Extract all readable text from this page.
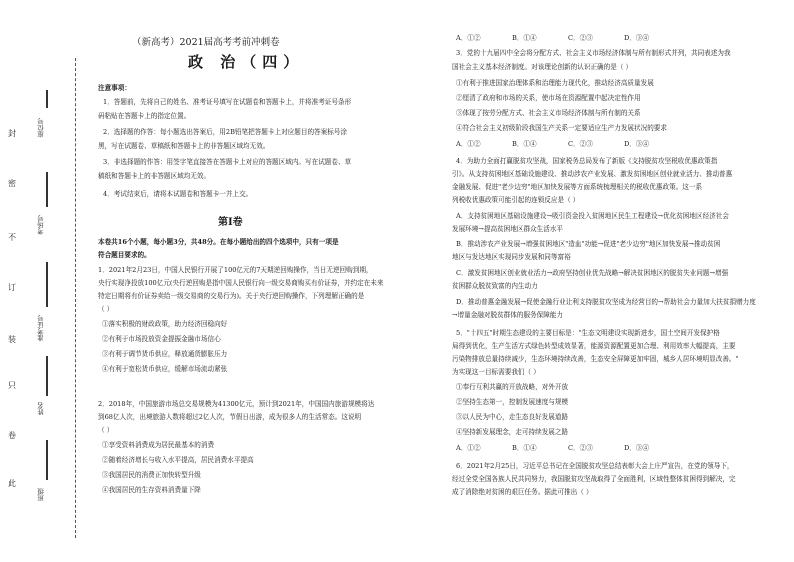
封
密
不
订
装
只
卷
此
座位号
考场号
准考证号
姓名
班级
（新高考）2021届高考考前冲刺卷
政 治（四）
注意事项：
1．答题前，先将自己的姓名、准考证号填写在试题卷和答题卡上，并将准考证号条形
码粘贴在答题卡上的指定位置。
2．选择题的作答：每小题选出答案后，用2B铅笔把答题卡上对应题目的答案标号涂
黑，写在试题卷、草稿纸和答题卡上的非答题区域均无效。
3．非选择题的作答：用签字笔直接答在答题卡上对应的答题区域内。写在试题卷、草
稿纸和答题卡上的非答题区域均无效。
4．考试结束后，请将本试题卷和答题卡一并上交。
第Ⅰ卷
本卷共16个小题，每小题3分，共48分。在每小题给出的四个选项中，只有一项是
符合题目要求的。
1．2021年2月23日，中国人民银行开展了100亿元的7天期逆回购操作，当日无逆回购到期，
央行实现净投放100亿元(央行逆回购是指中国人民银行向一级交易商购买有价证券，并约定在未来
特定日期将有价证券卖给一级交易商的交易行为)。关于央行逆回购操作，下列理解正确的是
（ ）
①落实积极的财政政策，助力经济回稳向好
②有利于市场投放资金提振金融市场信心
③有利于调节货币供应，释放通货膨胀压力
④有利于宽松货币供应，缓解市场流动紧张
2．2018年，中国旅游市场总交易规模为41300亿元，预计到2021年，中国国内旅游规模将达
到68亿人次，出境旅游人数将超过2亿人次，节假日出游，成为很多人的生活常态。这说明
（ ）
①享受资料消费成为居民最基本的消费
②随着经济增长与收入水平提高，居民消费水平提高
③我国居民的消费正加快转型升级
④我国居民的生存资料消费量下降
A．①②	B．①④	C．②③	D．③④
3．党的十九届四中全会将分配方式、社会主义市场经济体制与所有制形式并列，共同表述为我
国社会主义基本经济制度。对该理论创新的认识正确的是（ ）
①有利于推进国家治理体系和治理能力现代化，推动经济高质量发展
②厘清了政府和市场的关系，使市场在资源配置中起决定性作用
③体现了按劳分配方式、社会主义市场经济体制与所有制的关系
④符合社会主义初级阶段我国生产关系一定要适应生产力发展状况的要求
A．①②	B．①④	C．②③	D．③④
4．为助力全面打赢脱贫攻坚战，国家税务总局发布了新版《支持脱贫攻坚税收优惠政策指
引》。从支持贫困地区基础设施建设、推动涉农产业发展、激发贫困地区创业就业活力、推动普惠
金融发展、促进"老少边穷"地区加快发展等方面系统梳理相关的税收优惠政策。这一系
列税收优惠政策可能引起的连锁反应是（ ）
A．支持贫困地区基础设施建设→吸引资金投入贫困地区民生工程建设→优化贫困地区经济社会
发展环境→提高贫困地区群众生活水平
B．推动涉农产业发展→增强贫困地区"造血"功能→促进"老少边穷"地区加快发展→推动贫困
地区与发达地区实现同步发展和同等富裕
C．激发贫困地区创业就业活力→政府坚持创业优先战略→解决贫困地区的脱贫失业问题→增强
贫困群众脱贫致富的内生动力
D．推动普惠金融发展→促使金融行业让利支持脱贫攻坚成为经营目的→帮助社会力量加大扶贫捐赠力度
→增量金融对脱贫群体的服务保障能力
5．"十四五"时期生态建设的主要目标是："生态文明建设实现新进步，国土空间开发保护格
局得到优化，生产生活方式绿色转型成效显著，能源资源配置更加合理、利用效率大幅提高，主要
污染物排放总量持续减少，生态环境持续改善，生态安全屏障更加牢固，城乡人居环境明显改善。"
为实现这一目标需要我们（ ）
①奉行互利共赢的开放战略，对外开放
②坚持生态第一，控制发展速度与规模
③以人民为中心，走生态良好发展道路
④坚持新发展理念，走可持续发展之路
A．①②	B．①④	C．②③	D．③④
6．2021年2月25日，习近平总书记在全国脱贫攻坚总结表彰大会上庄严宣告，在党的领导下，
经过全党全国各族人民共同努力，我国脱贫攻坚战取得了全面胜利，区域性整体贫困得到解决，完
成了消除绝对贫困的艰巨任务。据此可推出（ ）
